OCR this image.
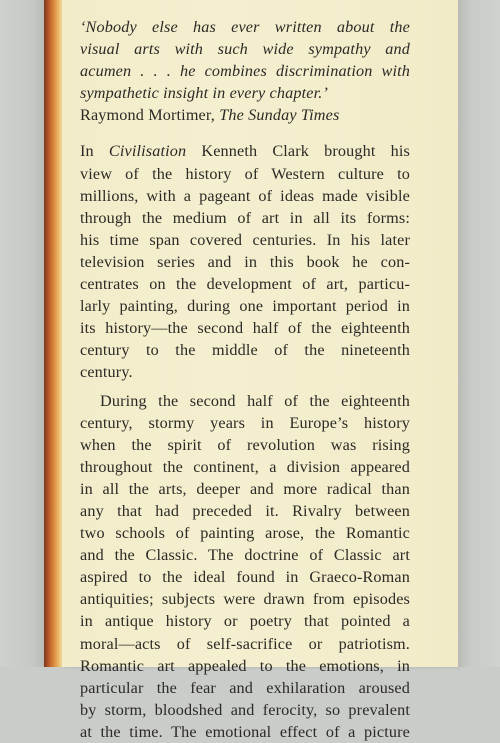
‘Nobody else has ever written about the
visual arts with such wide sympathy and
acumen . . . he combines discrimination with
sympathetic insight in every chapter.’

Raymond Mortimer, The Sunday Times

In Civilisation Kenneth Clark brought his
view of the history of Western culture to
millions, with a pageant of ideas made visible
through the medium of art in all its forms:
his time span covered centuries. In his later
television series and in this book he con-
centrates on the development of art, particu-
larly painting, during one important period in
its history—the second half of the eighteenth
century to the middle of the nineteenth
century.

During the second half of the eighteenth
century, stormy years in Europe’s history
when the spirit of revolution was rising
throughout the continent, a division appeared
in all the arts, deeper and more radical than
any that had preceded it. Rivalry between
two schools of painting arose, the Romantic
and the Classic. The doctrine of Classic art
aspired to the ideal found in Graeco-Roman
antiquities; subjects were drawn from episodes
in antique history or poetry that pointed a
moral—acts of self-sacrifice or patriotism.
Romantic art appealed to the emotions, in
particular the fear and exhilaration aroused
by storm, bloodshed and ferocity, so prevalent
at the time. The emotional effect of a picture
